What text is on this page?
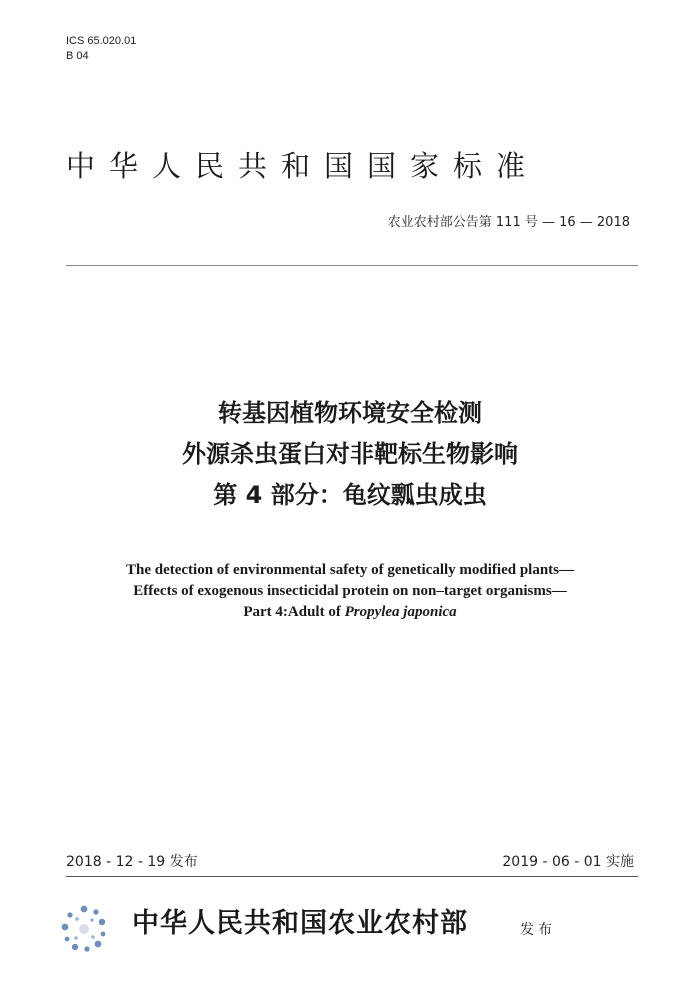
ICS 65.020.01
B 04
中华人民共和国国家标准
农业农村部公告第 111 号 — 16 — 2018
转基因植物环境安全检测
外源杀虫蛋白对非靶标生物影响
第 4 部分：龟纹瓢虫成虫
The detection of environmental safety of genetically modified plants—
Effects of exogenous insecticidal protein on non–target organisms—
Part 4:Adult of Propylea japonica
2018 - 12 - 19 发布	2019 - 06 - 01 实施
中华人民共和国农业农村部	发布
